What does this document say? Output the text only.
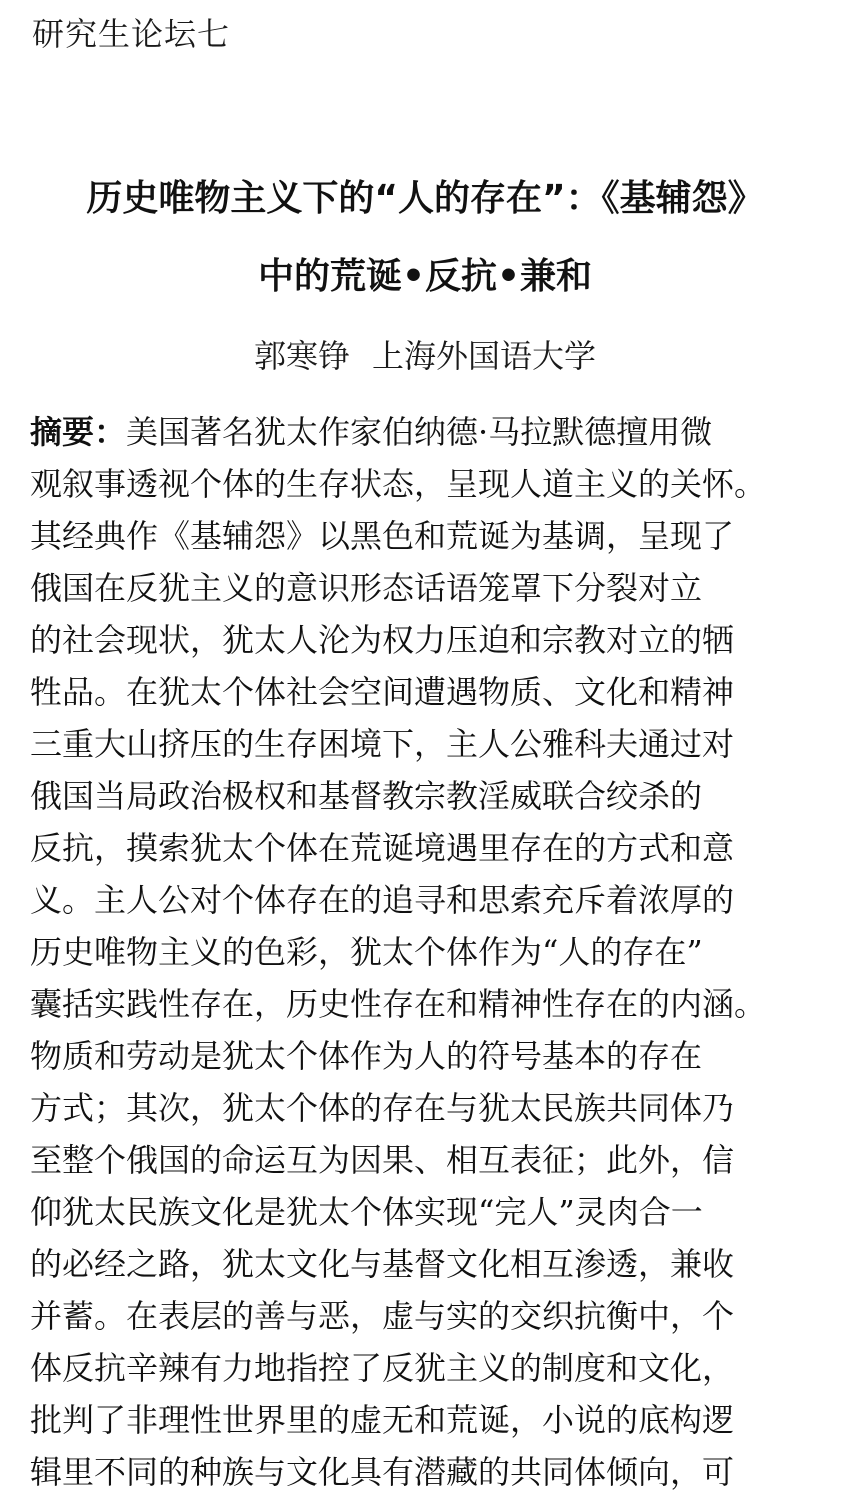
研究生论坛七
历史唯物主义下的“人的存在”：《基辅怨》
中的荒诞•反抗•兼和
郭寒铮 上海外国语大学
摘要：美国著名犹太作家伯纳德·马拉默德擅用微
观叙事透视个体的生存状态，呈现人道主义的关怀。
其经典作《基辅怨》以黑色和荒诞为基调，呈现了
俄国在反犹主义的意识形态话语笼罩下分裂对立
的社会现状，犹太人沦为权力压迫和宗教对立的牺
牲品。在犹太个体社会空间遭遇物质、文化和精神
三重大山挤压的生存困境下，主人公雅科夫通过对
俄国当局政治极权和基督教宗教淫威联合绞杀的
反抗，摸索犹太个体在荒诞境遇里存在的方式和意
义。主人公对个体存在的追寻和思索充斥着浓厚的
历史唯物主义的色彩，犹太个体作为“人的存在”
囊括实践性存在，历史性存在和精神性存在的内涵。
物质和劳动是犹太个体作为人的符号基本的存在
方式；其次，犹太个体的存在与犹太民族共同体乃
至整个俄国的命运互为因果、相互表征；此外，信
仰犹太民族文化是犹太个体实现“完人”灵肉合一
的必经之路，犹太文化与基督文化相互渗透，兼收
并蓄。在表层的善与恶，虚与实的交织抗衡中，个
体反抗辛辣有力地指控了反犹主义的制度和文化，
批判了非理性世界里的虚无和荒诞，小说的底构逻
辑里不同的种族与文化具有潜藏的共同体倾向，可
